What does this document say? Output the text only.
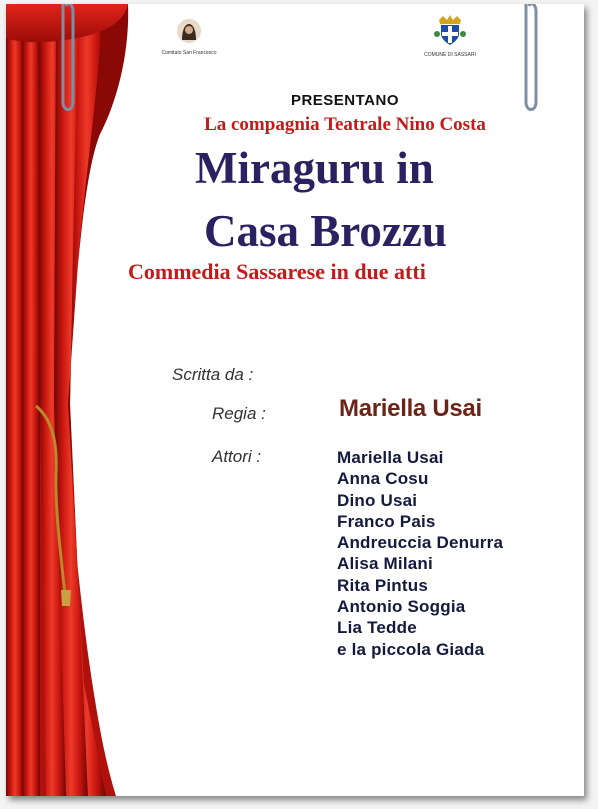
Comitato San Francesco	COMUNE DI SASSARI
PRESENTANO
La compagnia Teatrale Nino Costa
Miraguru in
Casa Brozzu
Commedia Sassarese in due atti
Scritta da :
Regia :	Mariella Usai
Attori :	Mariella Usai
Anna Cosu
Dino Usai
Franco Pais
Andreuccia Denurra
Alisa Milani
Rita Pintus
Antonio Soggia
Lia Tedde
e la piccola Giada
